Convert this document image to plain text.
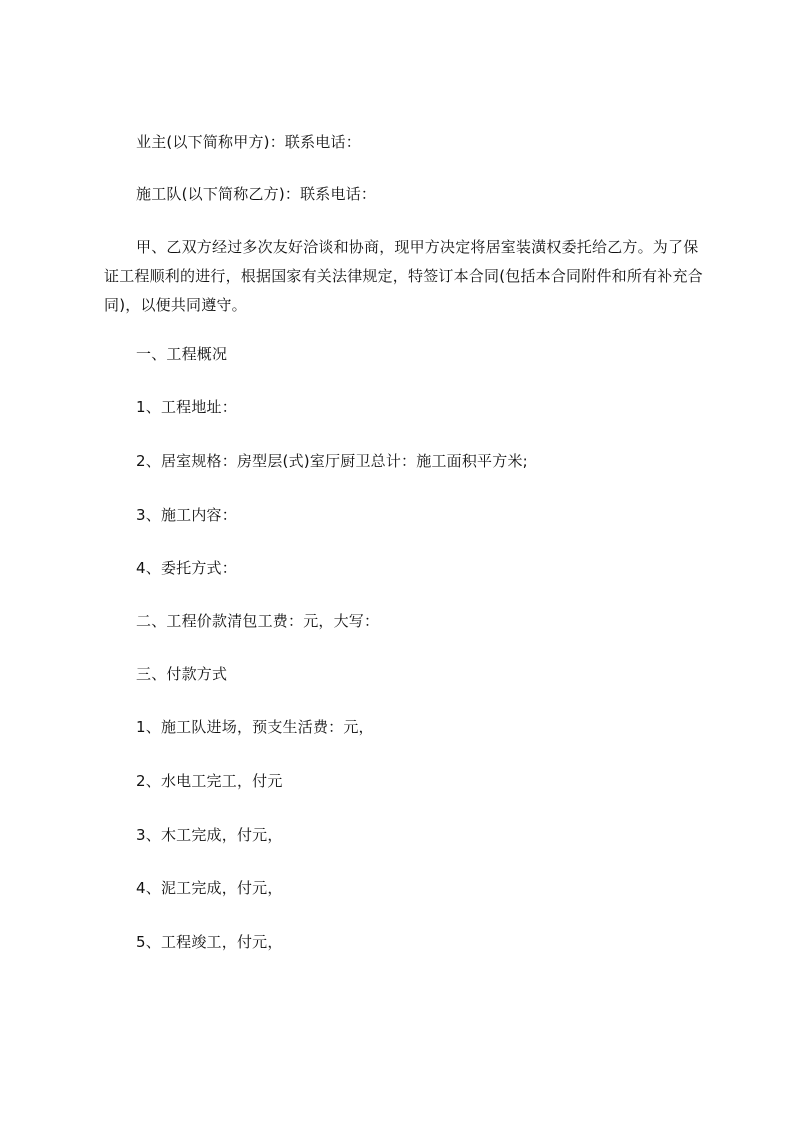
业主(以下简称甲方)：联系电话：
施工队(以下简称乙方)：联系电话：
甲、乙双方经过多次友好洽谈和协商，现甲方决定将居室装潢权委托给乙方。为了保证工程顺利的进行，根据国家有关法律规定，特签订本合同(包括本合同附件和所有补充合同)，以便共同遵守。
一、工程概况
1、工程地址：
2、居室规格：房型层(式)室厅厨卫总计：施工面积平方米;
3、施工内容：
4、委托方式：
二、工程价款清包工费：元，大写：
三、付款方式
1、施工队进场，预支生活费：元，
2、水电工完工，付元
3、木工完成，付元，
4、泥工完成，付元，
5、工程竣工，付元，
